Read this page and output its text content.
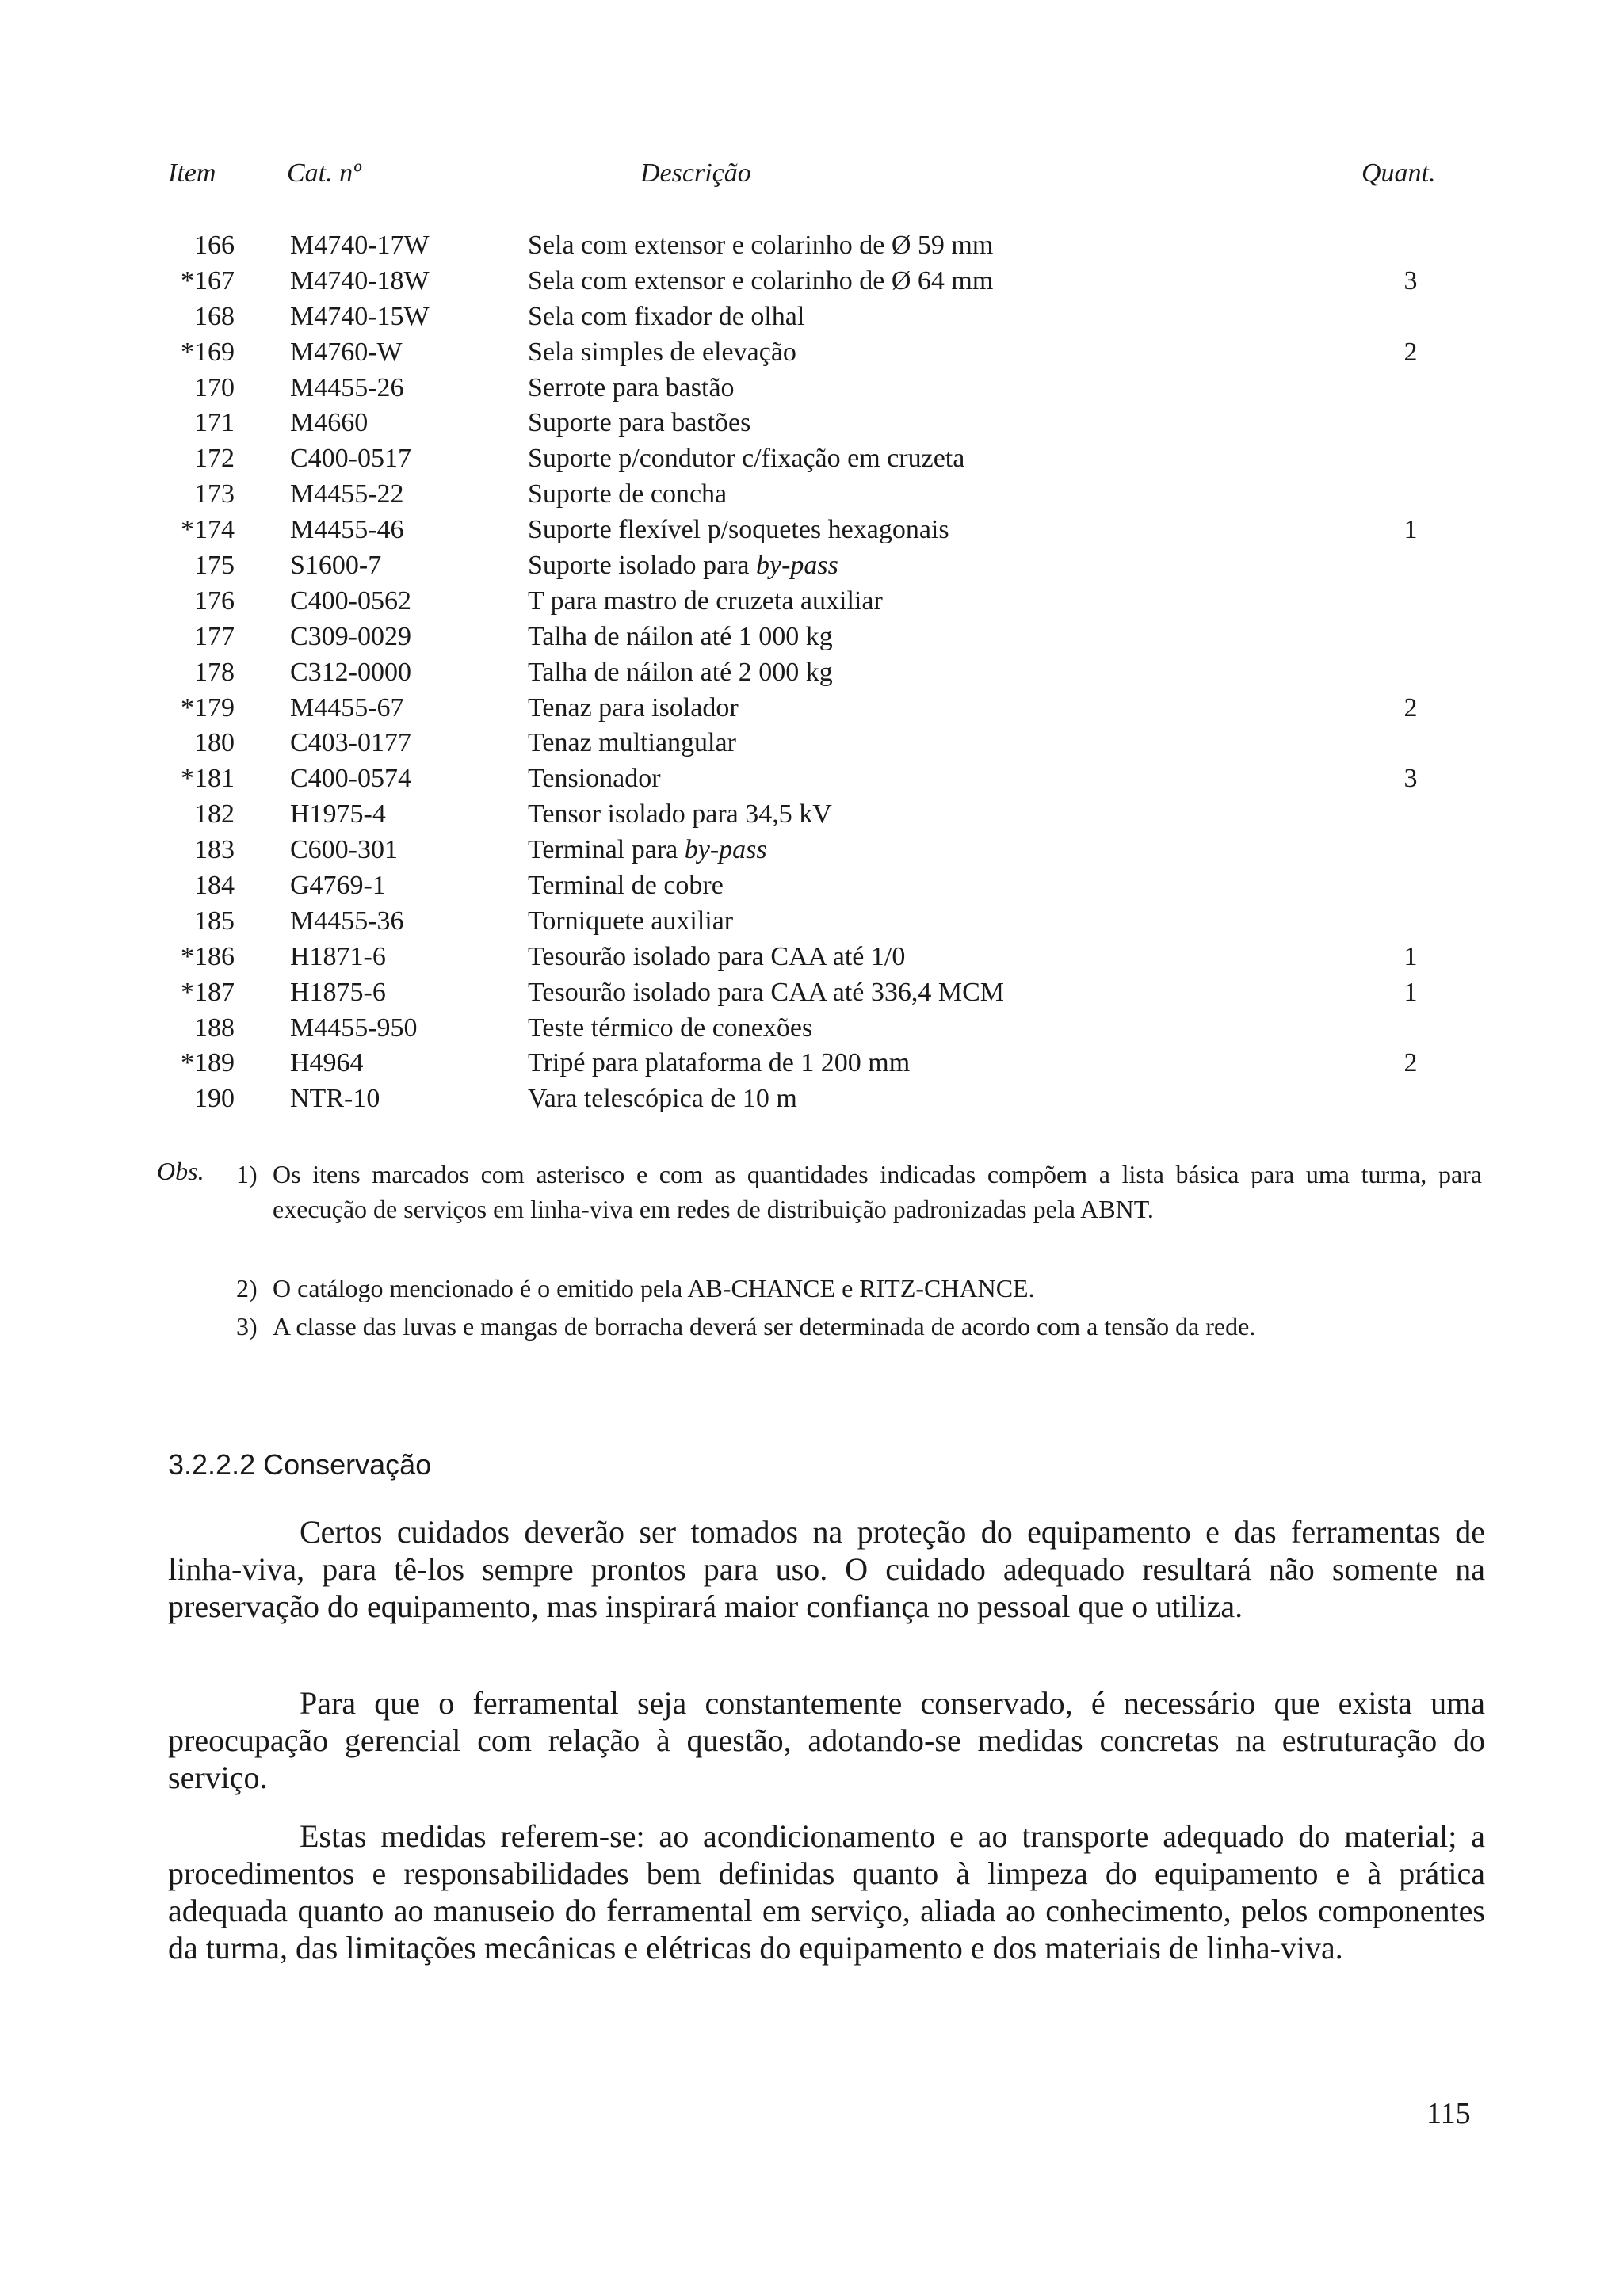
Item	Cat. nº	Descrição	Quant.
166 M4740-17W	Sela com extensor e colarinho de Ø 59 mm
*167 M4740-18W	Sela com extensor e colarinho de Ø 64 mm	3
168 M4740-15W	Sela com fixador de olhal
*169 M4760-W	Sela simples de elevação	2
170 M4455-26	Serrote para bastão
171 M4660	Suporte para bastões
172 C400-0517	Suporte p/condutor c/fixação em cruzeta
173 M4455-22	Suporte de concha
*174 M4455-46	Suporte flexível p/soquetes hexagonais	1
175 S1600-7	Suporte isolado para by-pass
176 C400-0562	T para mastro de cruzeta auxiliar
177 C309-0029	Talha de náilon até 1 000 kg
178 C312-0000	Talha de náilon até 2 000 kg
*179 M4455-67	Tenaz para isolador	2
180 C403-0177	Tenaz multiangular
*181 C400-0574	Tensionador	3
182 H1975-4	Tensor isolado para 34,5 kV
183 C600-301	Terminal para by-pass
184 G4769-1	Terminal de cobre
185 M4455-36	Torniquete auxiliar
*186 H1871-6	Tesourão isolado para CAA até 1/0	1
*187 H1875-6	Tesourão isolado para CAA até 336,4 MCM	1
188 M4455-950	Teste térmico de conexões
*189 H4964	Tripé para plataforma de 1 200 mm	2
190 NTR-10	Vara telescópica de 10 m
Obs. 1) Os itens marcados com asterisco e com as quantidades indicadas compõem a lista básica para uma turma, para execução de serviços em linha-viva em redes de distribuição padronizadas pela ABNT.
2) O catálogo mencionado é o emitido pela AB-CHANCE e RITZ-CHANCE.
3) A classe das luvas e mangas de borracha deverá ser determinada de acordo com a tensão da rede.
3.2.2.2 Conservação

Certos cuidados deverão ser tomados na proteção do equipamento e das ferramentas de linha-viva, para tê-los sempre prontos para uso. O cuidado adequado resultará não somente na preservação do equipamento, mas inspirará maior confiança no pessoal que o utiliza.

Para que o ferramental seja constantemente conservado, é necessário que exista uma preocupação gerencial com relação à questão, adotando-se medidas concretas na estruturação do serviço.

Estas medidas referem-se: ao acondicionamento e ao transporte adequado do material; a procedimentos e responsabilidades bem definidas quanto à limpeza do equipamento e à prática adequada quanto ao manuseio do ferramental em serviço, aliada ao conhecimento, pelos componentes da turma, das limitações mecânicas e elétricas do equipamento e dos materiais de linha-viva.

115
